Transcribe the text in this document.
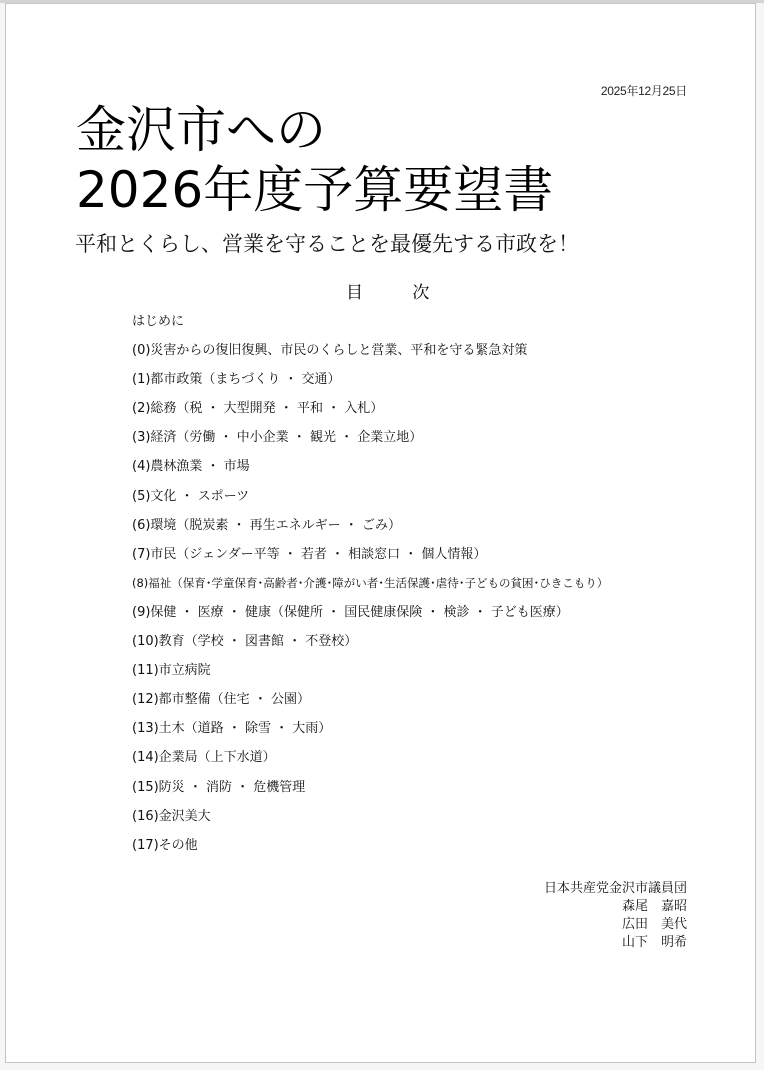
2025年12月25日
金沢市への
2026年度予算要望書
平和とくらし、営業を守ることを最優先する市政を！
目 次
はじめに
(0)災害からの復旧復興、市民のくらしと営業、平和を守る緊急対策
(1)都市政策（まちづくり ・ 交通）
(2)総務（税 ・ 大型開発 ・ 平和 ・ 入札）
(3)経済（労働 ・ 中小企業 ・ 観光 ・ 企業立地）
(4)農林漁業 ・ 市場
(5)文化 ・ スポーツ
(6)環境（脱炭素 ・ 再生エネルギー ・ ごみ）
(7)市民（ジェンダー平等 ・ 若者 ・ 相談窓口 ・ 個人情報）
(8)福祉（保育･学童保育･高齢者･介護･障がい者･生活保護･虐待･子どもの貧困･ひきこもり）
(9)保健 ・ 医療 ・ 健康（保健所 ・ 国民健康保険 ・ 検診 ・ 子ども医療）
(10)教育（学校 ・ 図書館 ・ 不登校）
(11)市立病院
(12)都市整備（住宅 ・ 公園）
(13)土木（道路 ・ 除雪 ・ 大雨）
(14)企業局（上下水道）
(15)防災 ・ 消防 ・ 危機管理
(16)金沢美大
(17)その他
日本共産党金沢市議員団
森尾　嘉昭
広田　美代
山下　明希
